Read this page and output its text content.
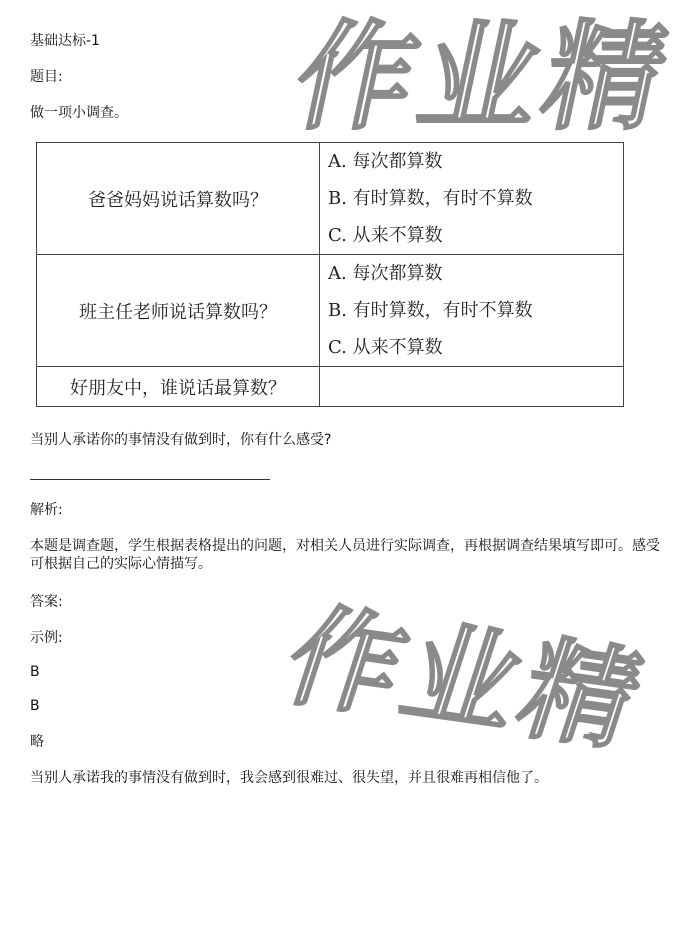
作业精
基础达标-1
题目:
做一项小调查。
爸爸妈妈说话算数吗？	A. 每次都算数
B. 有时算数，有时不算数
C. 从来不算数

班主任老师说话算数吗？	A. 每次都算数
B. 有时算数，有时不算数
C. 从来不算数

好朋友中，谁说话最算数？	
当别人承诺你的事情没有做到时，你有什么感受?
解析:
本题是调查题，学生根据表格提出的问题，对相关人员进行实际调查，再根据调查结果填写即可。感受可根据自己的实际心情描写。
答案:
示例:
B
B
略
当别人承诺我的事情没有做到时，我会感到很难过、很失望，并且很难再相信他了。
作业精
